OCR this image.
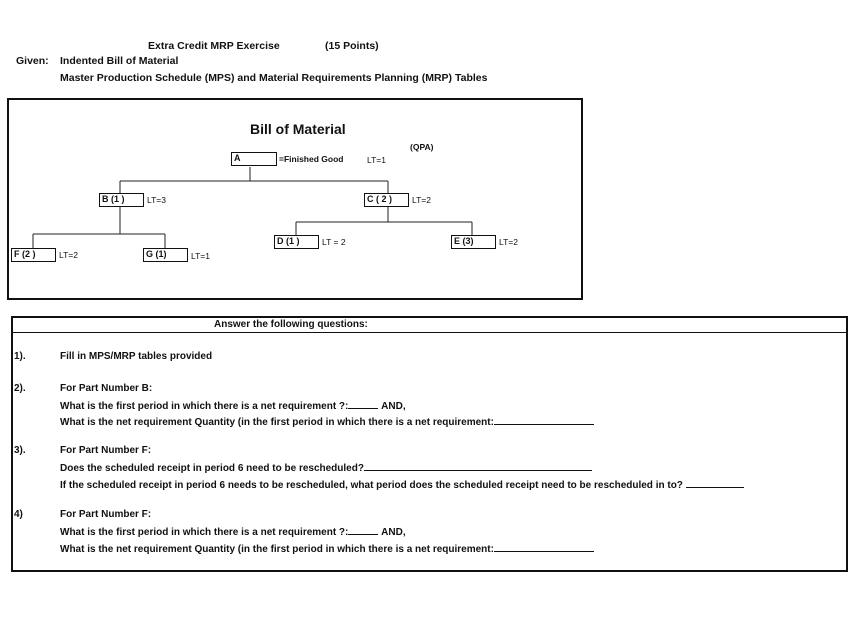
Extra Credit MRP Exercise	(15 Points)
Given: Indented Bill of Material
Master Production Schedule (MPS) and Material Requirements Planning (MRP) Tables
Bill of Material
(QPA)
A	=Finished Good	LT=1
B (1 )	LT=3	C ( 2 )	LT=2
D (1 )	LT = 2	E (3)	LT=2
F (2 )	LT=2	G (1)	LT=1
Answer the following questions:
1).	Fill in MPS/MRP tables provided
2).	For Part Number B:
What is the first period in which there is a net requirement ?:	AND,
What is the net requirement Quantity (in the first period in which there is a net requirement:
3).	For Part Number F:
Does the scheduled receipt in period 6 need to be rescheduled?
If the scheduled receipt in period 6 needs to be rescheduled, what period does the scheduled receipt need to be rescheduled in to?
4)	For Part Number F:
What is the first period in which there is a net requirement ?:	AND,
What is the net requirement Quantity (in the first period in which there is a net requirement:
